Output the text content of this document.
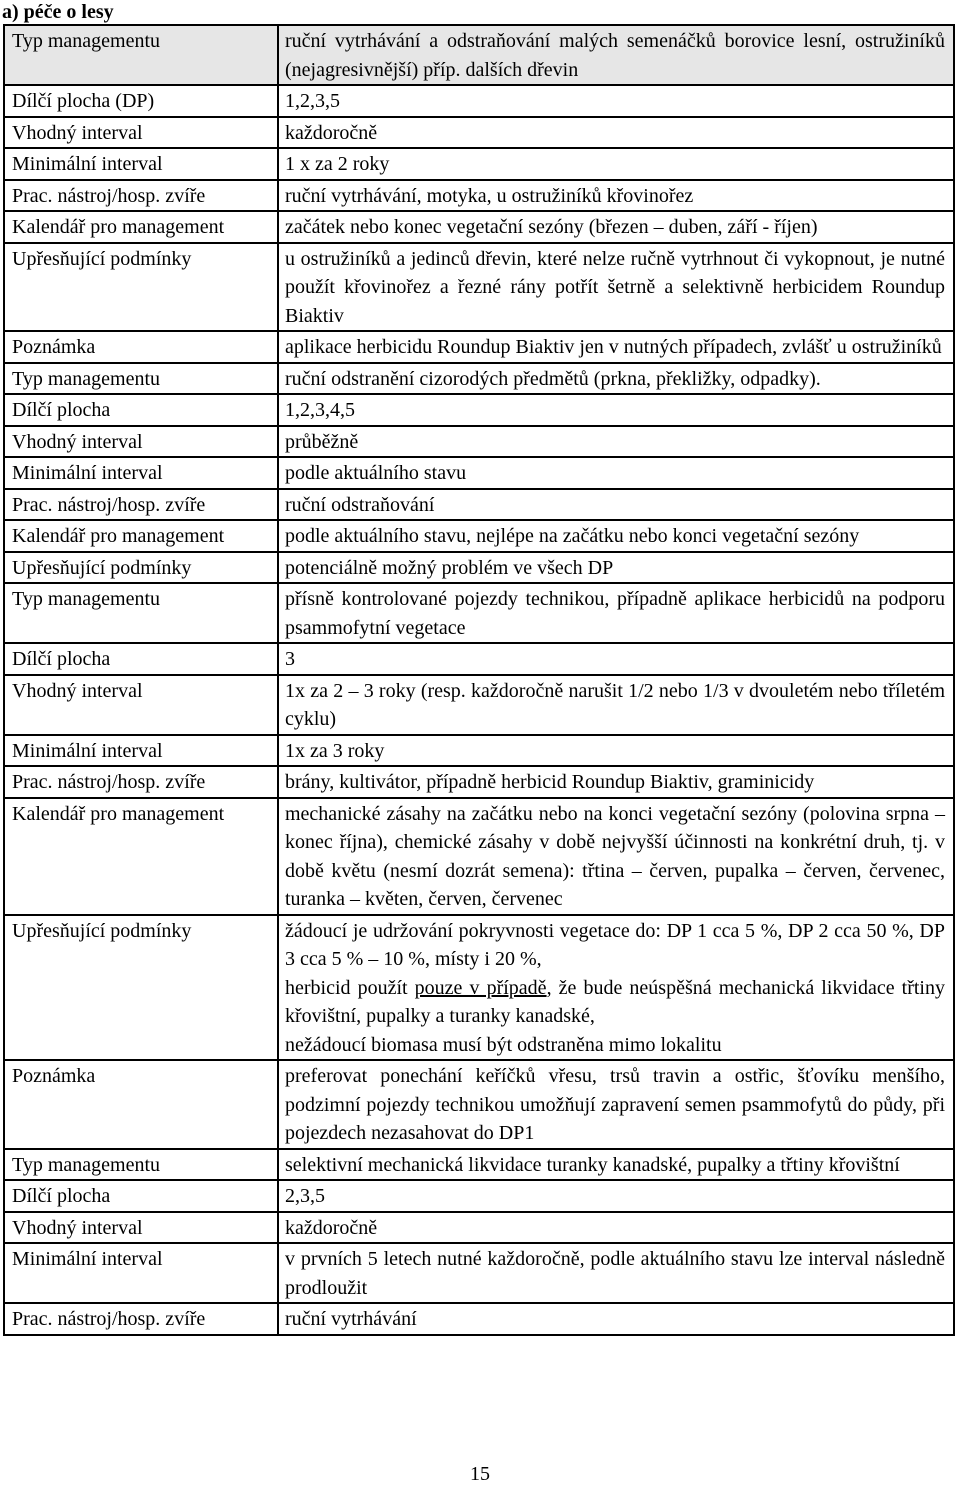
a) péče o lesy
Typ managementu	ruční vytrhávání a odstraňování malých semenáčků borovice lesní, ostružiníků (nejagresivnější) příp. dalších dřevin
Dílčí plocha (DP)	1,2,3,5
Vhodný interval	každoročně
Minimální interval	1 x za 2 roky
Prac. nástroj/hosp. zvíře	ruční vytrhávání, motyka, u ostružiníků křovinořez
Kalendář pro management	začátek nebo konec vegetační sezóny (březen – duben, září - říjen)
Upřesňující podmínky	u ostružiníků a jedinců dřevin, které nelze ručně vytrhnout či vykopnout, je nutné použít křovinořez a řezné rány potřít šetrně a selektivně herbicidem Roundup Biaktiv
Poznámka	aplikace herbicidu Roundup Biaktiv jen v nutných případech, zvlášť u ostružiníků
Typ managementu	ruční odstranění cizorodých předmětů (prkna, překližky, odpadky).
Dílčí plocha	1,2,3,4,5
Vhodný interval	průběžně
Minimální interval	podle aktuálního stavu
Prac. nástroj/hosp. zvíře	ruční odstraňování
Kalendář pro management	podle aktuálního stavu, nejlépe na začátku nebo konci vegetační sezóny
Upřesňující podmínky	potenciálně možný problém ve všech DP
Typ managementu	přísně kontrolované pojezdy technikou, případně aplikace herbicidů na podporu psammofytní vegetace
Dílčí plocha	3
Vhodný interval	1x za 2 – 3 roky (resp. každoročně narušit 1/2 nebo 1/3 v dvouletém nebo tříletém cyklu)
Minimální interval	1x za 3 roky
Prac. nástroj/hosp. zvíře	brány, kultivátor, případně herbicid Roundup Biaktiv, graminicidy
Kalendář pro management	mechanické zásahy na začátku nebo na konci vegetační sezóny (polovina srpna – konec října), chemické zásahy v době nejvyšší účinnosti na konkrétní druh, tj. v době květu (nesmí dozrát semena): třtina – červen, pupalka – červen, červenec, turanka – květen, červen, červenec
Upřesňující podmínky	žádoucí je udržování pokryvnosti vegetace do: DP 1 cca 5 %, DP 2 cca 50 %, DP 3 cca 5 % – 10 %, místy i 20 %,
herbicid použít pouze v případě, že bude neúspěšná mechanická likvidace třtiny křovištní, pupalky a turanky kanadské,
nežádoucí biomasa musí být odstraněna mimo lokalitu

Poznámka	preferovat ponechání keříčků vřesu, trsů travin a ostřic, šťovíku menšího, podzimní pojezdy technikou umožňují zapravení semen psammofytů do půdy, při pojezdech nezasahovat do DP1
Typ managementu	selektivní mechanická likvidace turanky kanadské, pupalky a třtiny křovištní
Dílčí plocha	2,3,5
Vhodný interval	každoročně
Minimální interval	v prvních 5 letech nutné každoročně, podle aktuálního stavu lze interval následně prodloužit
Prac. nástroj/hosp. zvíře	ruční vytrhávání
15
